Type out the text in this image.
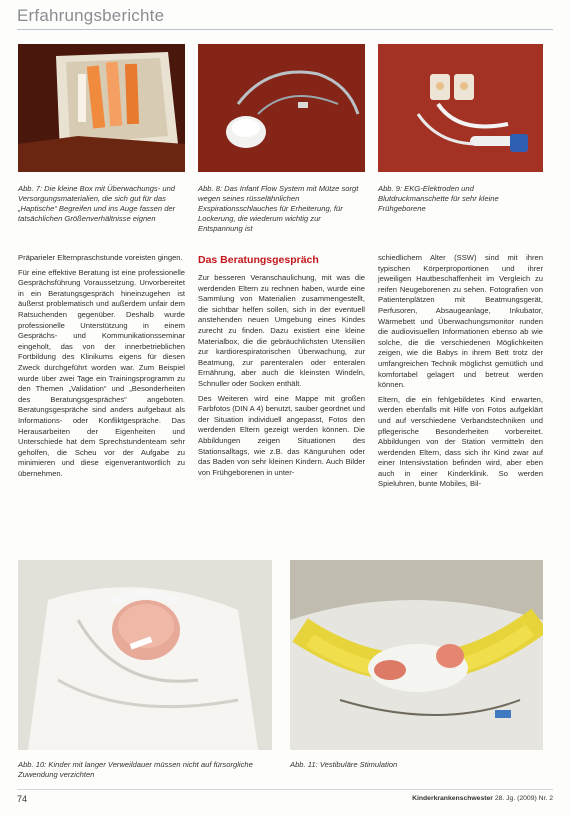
Erfahrungsberichte
Abb. 7: Die kleine Box mit Überwachungs- und Versorgungsmaterialien, die sich gut für das „Haptische“ Begreifen und ins Auge fassen der tatsächlichen Größenverhältnisse eignen
Abb. 8: Das Infant Flow System mit Mütze sorgt wegen seines rüsselähnlichen Exspirationsschlauches für Erheiterung, für Lockerung, die wiederum wichtig zur Entspannung ist
Abb. 9: EKG-Elektroden und Blutdruckmanschette für sehr kleine Frühgeborene

Präparieler Elternpraschstunde voreisten gingen.

Für eine effektive Beratung ist eine professionelle Gesprächsführung Voraussetzung. Unvorbereitet in ein Beratungsgespräch hineinzugehen ist äußerst problematisch und außerdem unfair dem Ratsuchenden gegenüber. Deshalb wurde professionelle Unterstützung in einem Gesprächs- und Kommunikationsseminar eingeholt, das von der innerbetrieblichen Fortbildung des Klinikums eigens für diesen Zweck durchgeführt worden war. Zum Beispiel wurde über zwei Tage ein Trainingsprogramm zu den Themen „Validation“ und „Besonderheiten des Beratungsgespräches“ angeboten. Beratungsgespräche sind anders aufgebaut als Informations- oder Konfliktgespräche. Das Herausarbeiten der Eigenheiten und Unterschiede hat dem Sprechstundenteam sehr geholfen, die Scheu vor der Aufgabe zu minimieren und diese eigenverantwortlich zu übernehmen.

Das Beratungsgespräch

Zur besseren Veranschaulichung, mit was die werdenden Eltern zu rechnen haben, wurde eine Sammlung von Materialien zusammengestellt, die sichtbar helfen sollen, sich in der eventuell anstehenden neuen Umgebung eines Kindes zurecht zu finden. Dazu existiert eine kleine Materialbox, die die gebräuchlichsten Utensilien zur kardiorespiratorischen Überwachung, zur Beatmung, zur parenteralen oder enteralen Ernährung, aber auch die kleinsten Windeln, Schnuller oder Socken enthält.

Des Weiteren wird eine Mappe mit großen Farbfotos (DIN A 4) benutzt, sauber geordnet und der Situation individuell angepasst, Fotos den werdenden Eltern gezeigt werden können. Die Abbildungen zeigen Situationen des Stationsalltags, wie z.B. das Känguruhen oder das Baden von sehr kleinen Kindern. Auch Bilder von Frühgeborenen in unter-

schiedlichem Alter (SSW) sind mit ihren typischen Körperproportionen und ihrer jeweiligen Hautbeschaffenheit im Vergleich zu reifen Neugeborenen zu sehen. Fotografien von Patientenplätzen mit Beatmungsgerät, Perfusoren, Absaugeanlage, Inkubator, Wärmebett und Überwachungsmonitor runden die audiovisuellen Informationen ebenso ab wie solche, die die verschiedenen Möglichkeiten zeigen, wie die Babys in ihrem Bett trotz der umfangreichen Technik möglichst gemütlich und komfortabel gelagert und betreut werden können.

Eltern, die ein fehlgebildetes Kind erwarten, werden ebenfalls mit Hilfe von Fotos aufgeklärt und auf verschiedene Verbandstechniken und pflegerische Besonderheiten vorbereitet. Abbildungen von der Station vermitteln den werdenden Eltern, dass sich ihr Kind zwar auf einer Intensivstation befinden wird, aber eben auch in einer Kinderklinik. So werden Spieluhren, bunte Mobiles, Bil-

Abb. 10: Kinder mit langer Verweildauer müssen nicht auf fürsorgliche Zuwendung verzichten
Abb. 11: Vestibuläre Stimulation
74	Kinderkrankenschwester 28. Jg. (2009) Nr. 2
